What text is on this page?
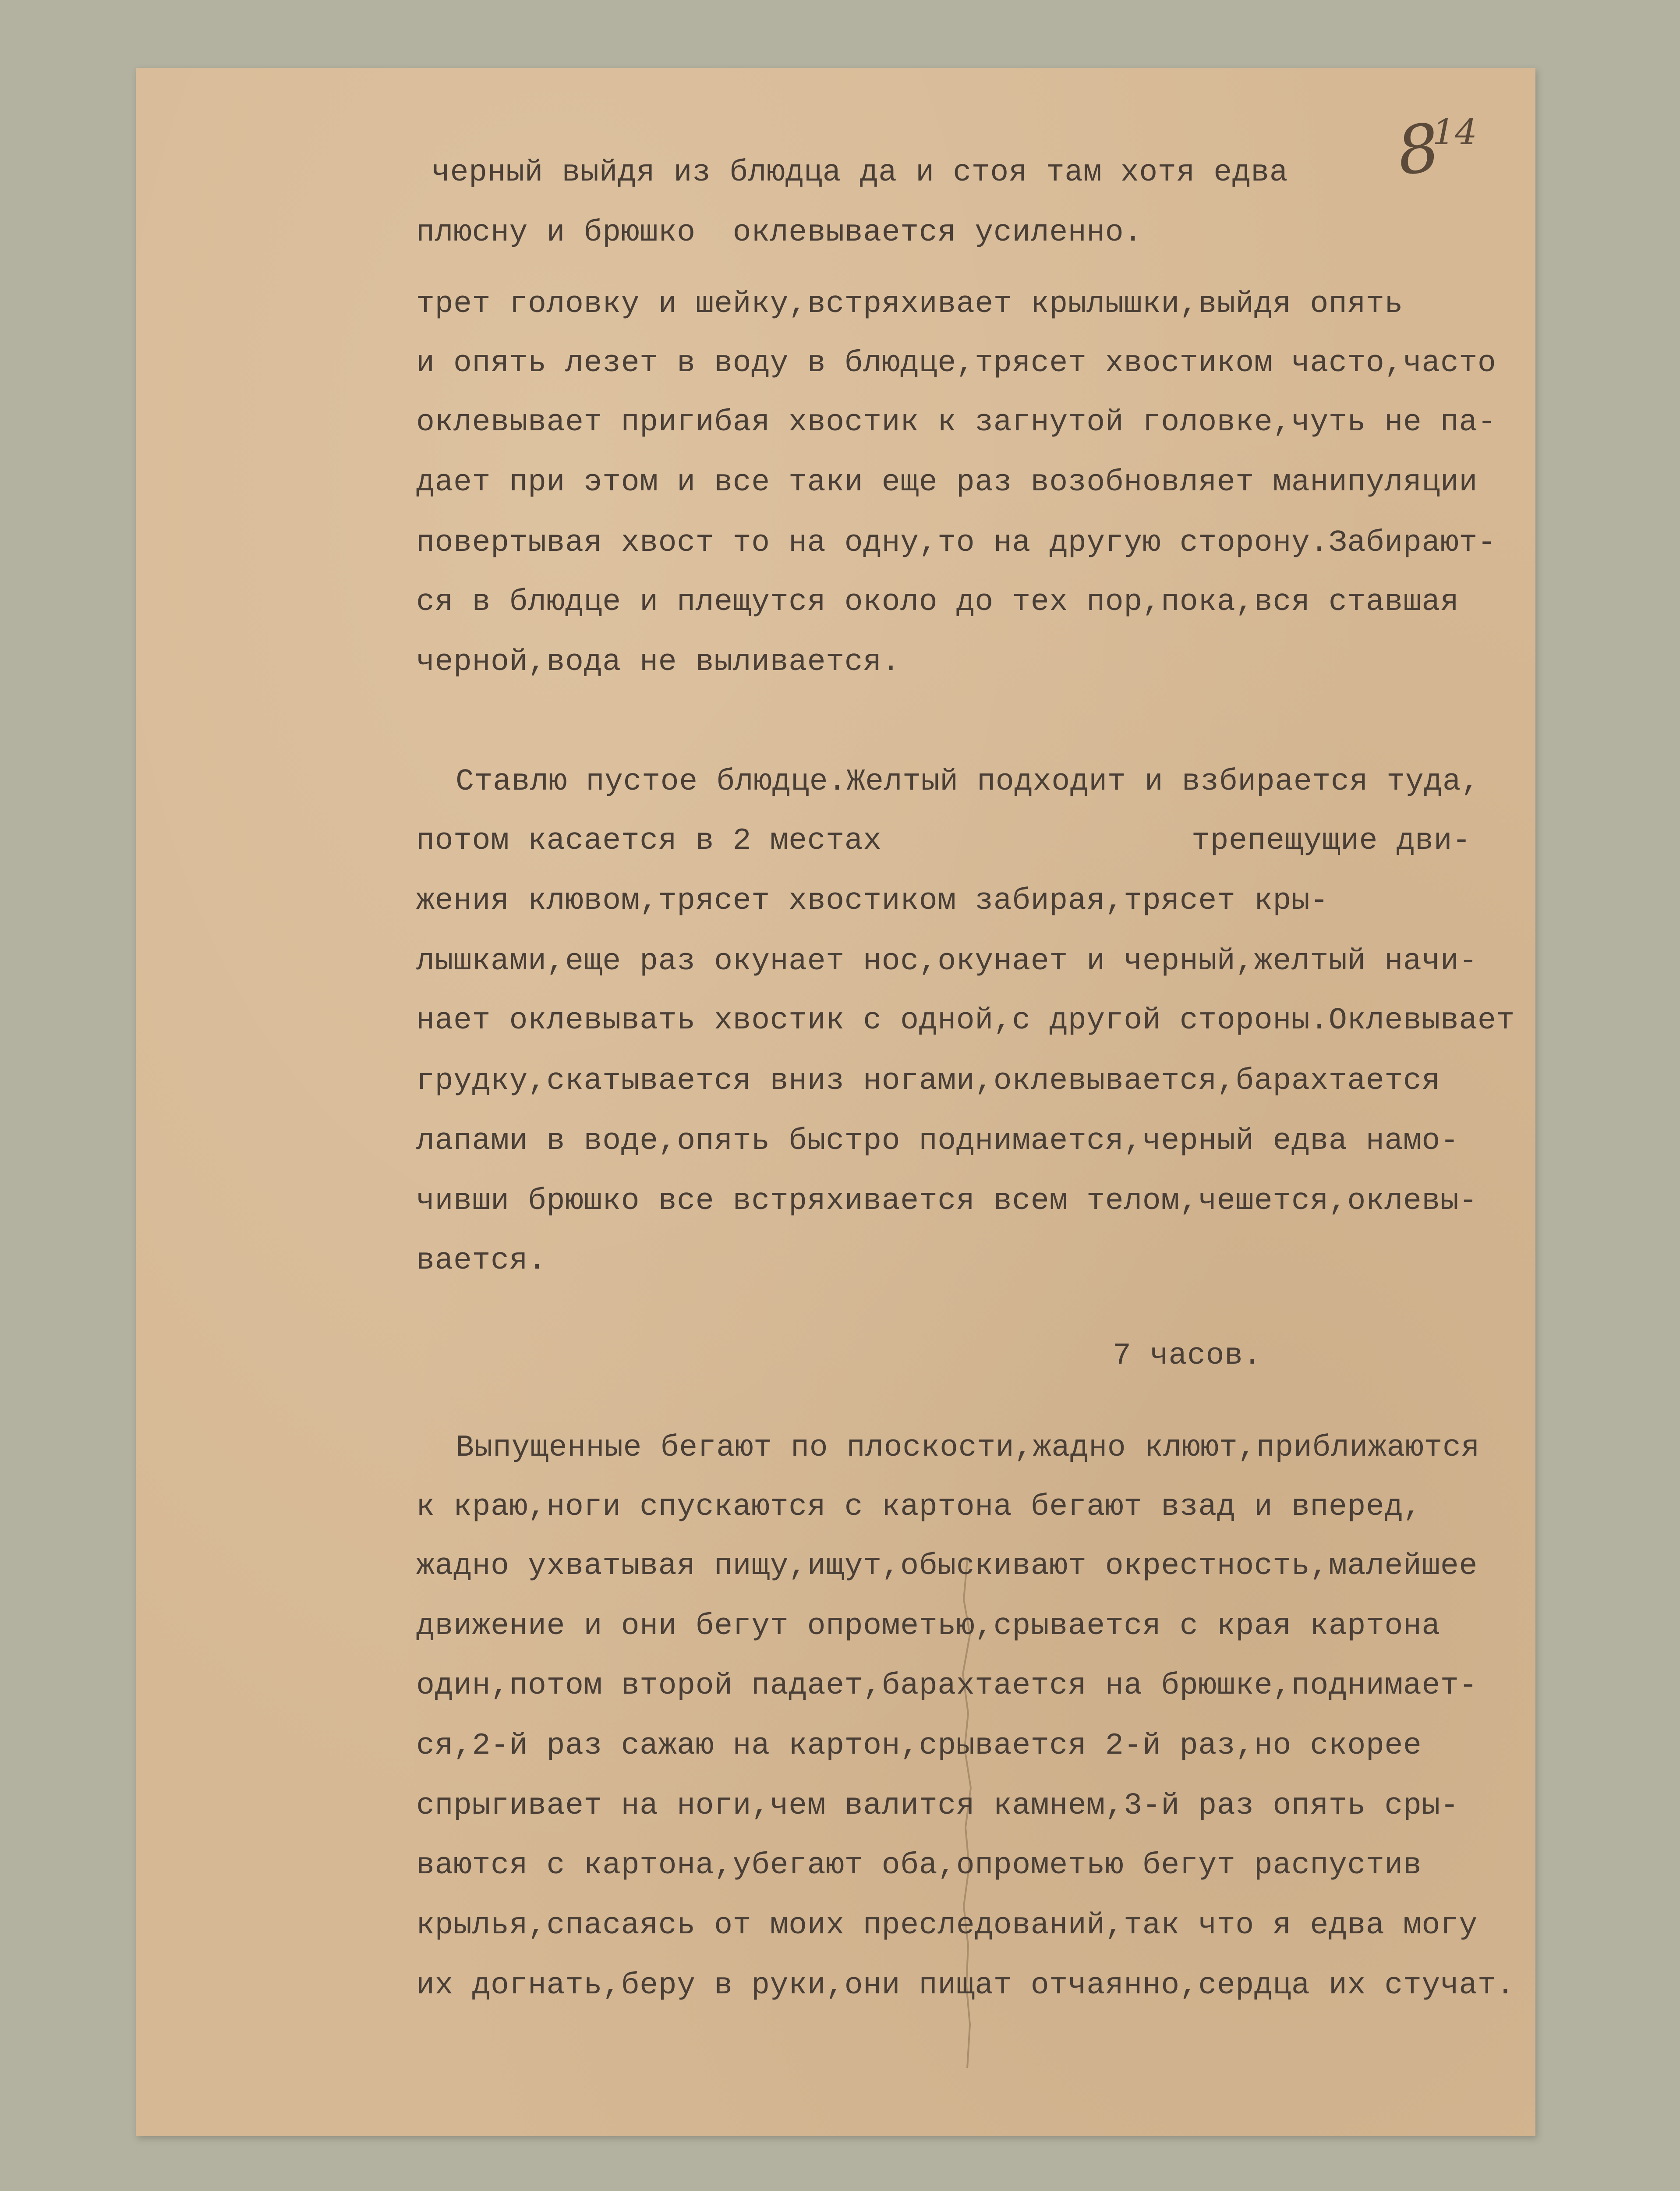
8
14
черный выйдя из блюдца да и стоя там хотя едва
плюсну и брюшко  оклевывается усиленно.
трет головку и шейку,встряхивает крылышки,выйдя опять
и опять лезет в воду в блюдце,трясет хвостиком часто,часто
оклевывает пригибая хвостик к загнутой головке,чуть не па-
дает при этом и все таки еще раз возобновляет манипуляции
повертывая хвост то на одну,то на другую сторону.Забирают-
ся в блюдце и плещутся около до тех пор,пока,вся ставшая
черной,вода не выливается.
Ставлю пустое блюдце.Желтый подходит и взбирается туда,
потом касается в 2 местах	трепещущие дви-
жения клювом,трясет хвостиком забирая,трясет кры-
лышками,еще раз окунает нос,окунает и черный,желтый начи-
нает оклевывать хвостик с одной,с другой стороны.Оклевывает
грудку,скатывается вниз ногами,оклевывается,барахтается
лапами в воде,опять быстро поднимается,черный едва намо-
чивши брюшко все встряхивается всем телом,чешется,оклевы-
вается.
7 часов.
Выпущенные бегают по плоскости,жадно клюют,приближаются
к краю,ноги спускаются с картона бегают взад и вперед,
жадно ухватывая пищу,ищут,обыскивают окрестность,малейшее
движение и они бегут опрометью,срывается с края картона
один,потом второй падает,барахтается на брюшке,поднимает-
ся,2-й раз сажаю на картон,срывается 2-й раз,но скорее
спрыгивает на ноги,чем валится камнем,3-й раз опять сры-
ваются с картона,убегают оба,опрометью бегут распустив
крылья,спасаясь от моих преследований,так что я едва могу
их догнать,беру в руки,они пищат отчаянно,сердца их стучат.
